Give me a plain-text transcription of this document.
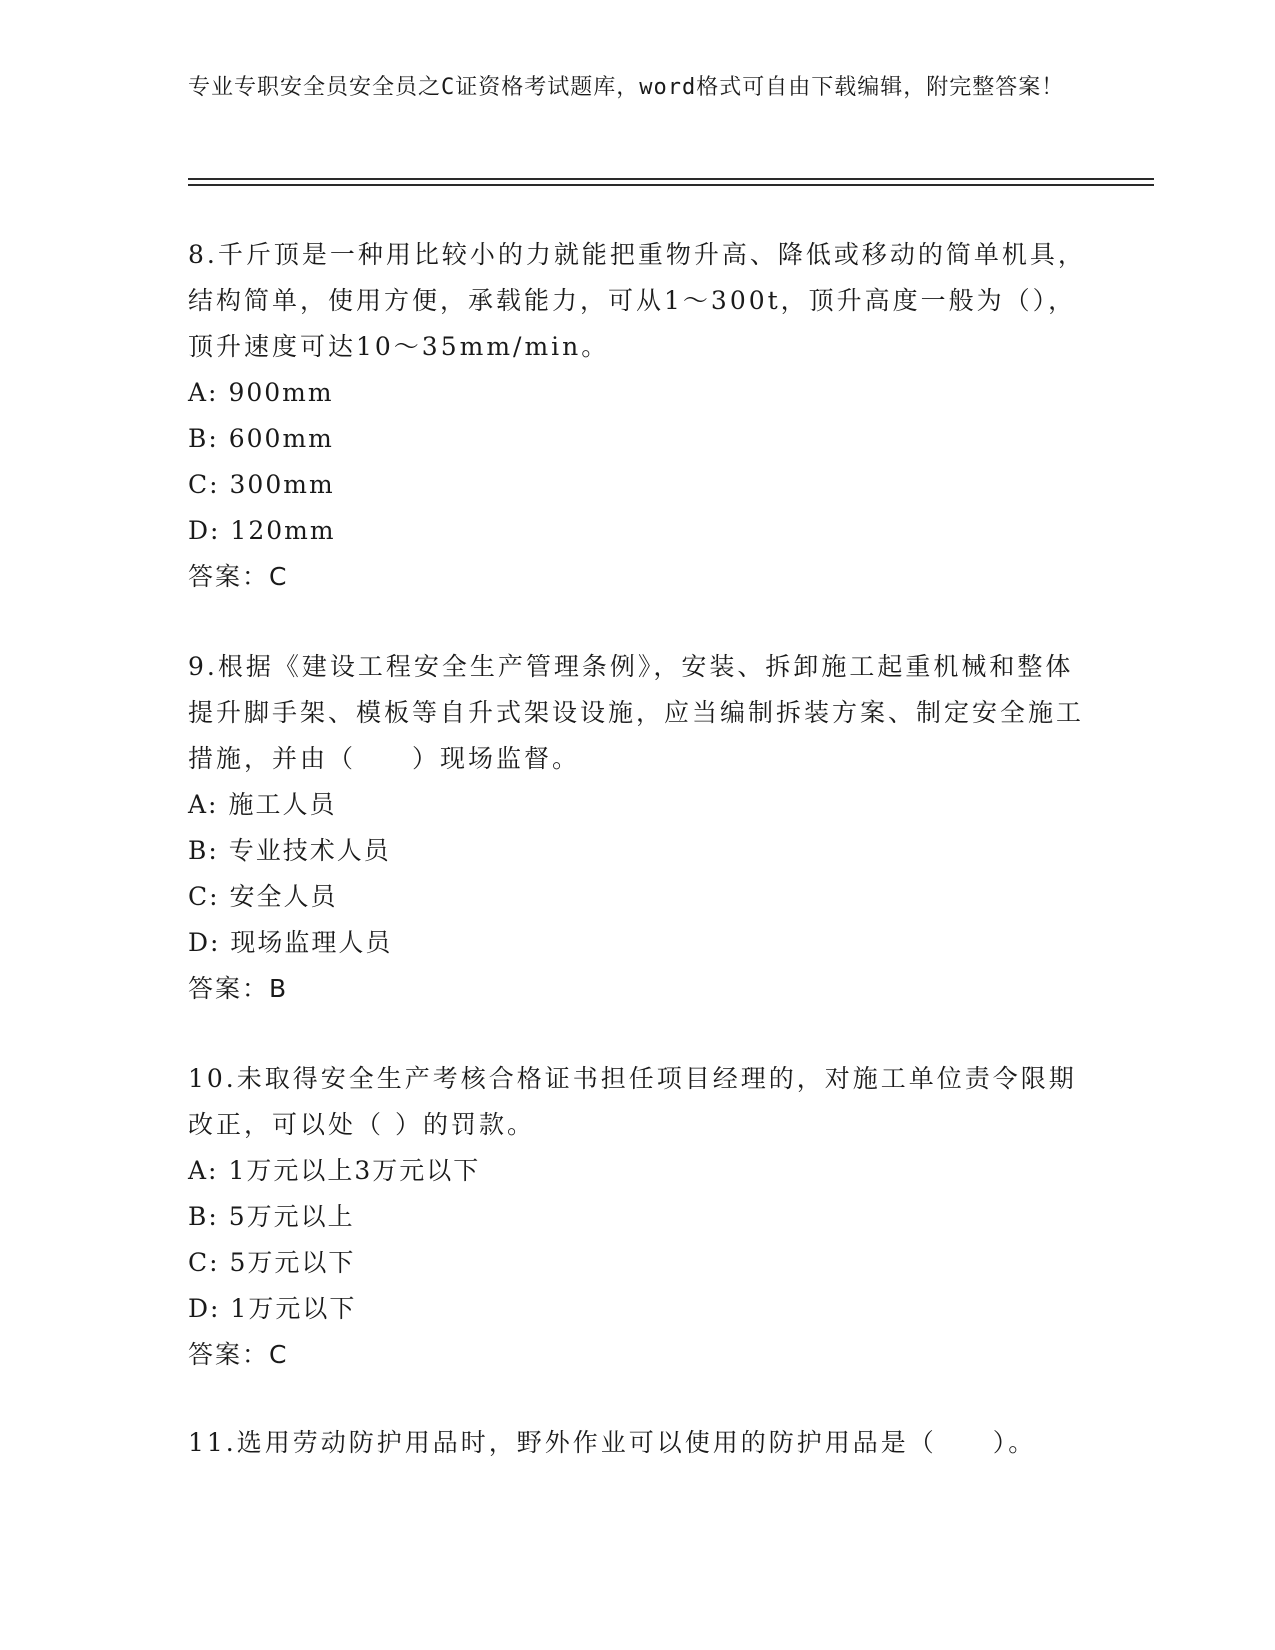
专业专职安全员安全员之C证资格考试题库，word格式可自由下载编辑，附完整答案！

8.千斤顶是一种用比较小的力就能把重物升高、降低或移动的简单机具，结构简单，使用方便，承载能力，可从1～300t，顶升高度一般为（），顶升速度可达10～35mm/min。

A: 900mm

B: 600mm

C: 300mm

D: 120mm

答案：C

9.根据《建设工程安全生产管理条例》，安装、拆卸施工起重机械和整体提升脚手架、模板等自升式架设设施，应当编制拆装方案、制定安全施工措施，并由（　　）现场监督。

A: 施工人员

B: 专业技术人员

C: 安全人员

D: 现场监理人员

答案：B

10.未取得安全生产考核合格证书担任项目经理的，对施工单位责令限期改正，可以处（ ）的罚款。

A: 1万元以上3万元以下

B: 5万元以上

C: 5万元以下

D: 1万元以下

答案：C

11.选用劳动防护用品时，野外作业可以使用的防护用品是（　　）。
